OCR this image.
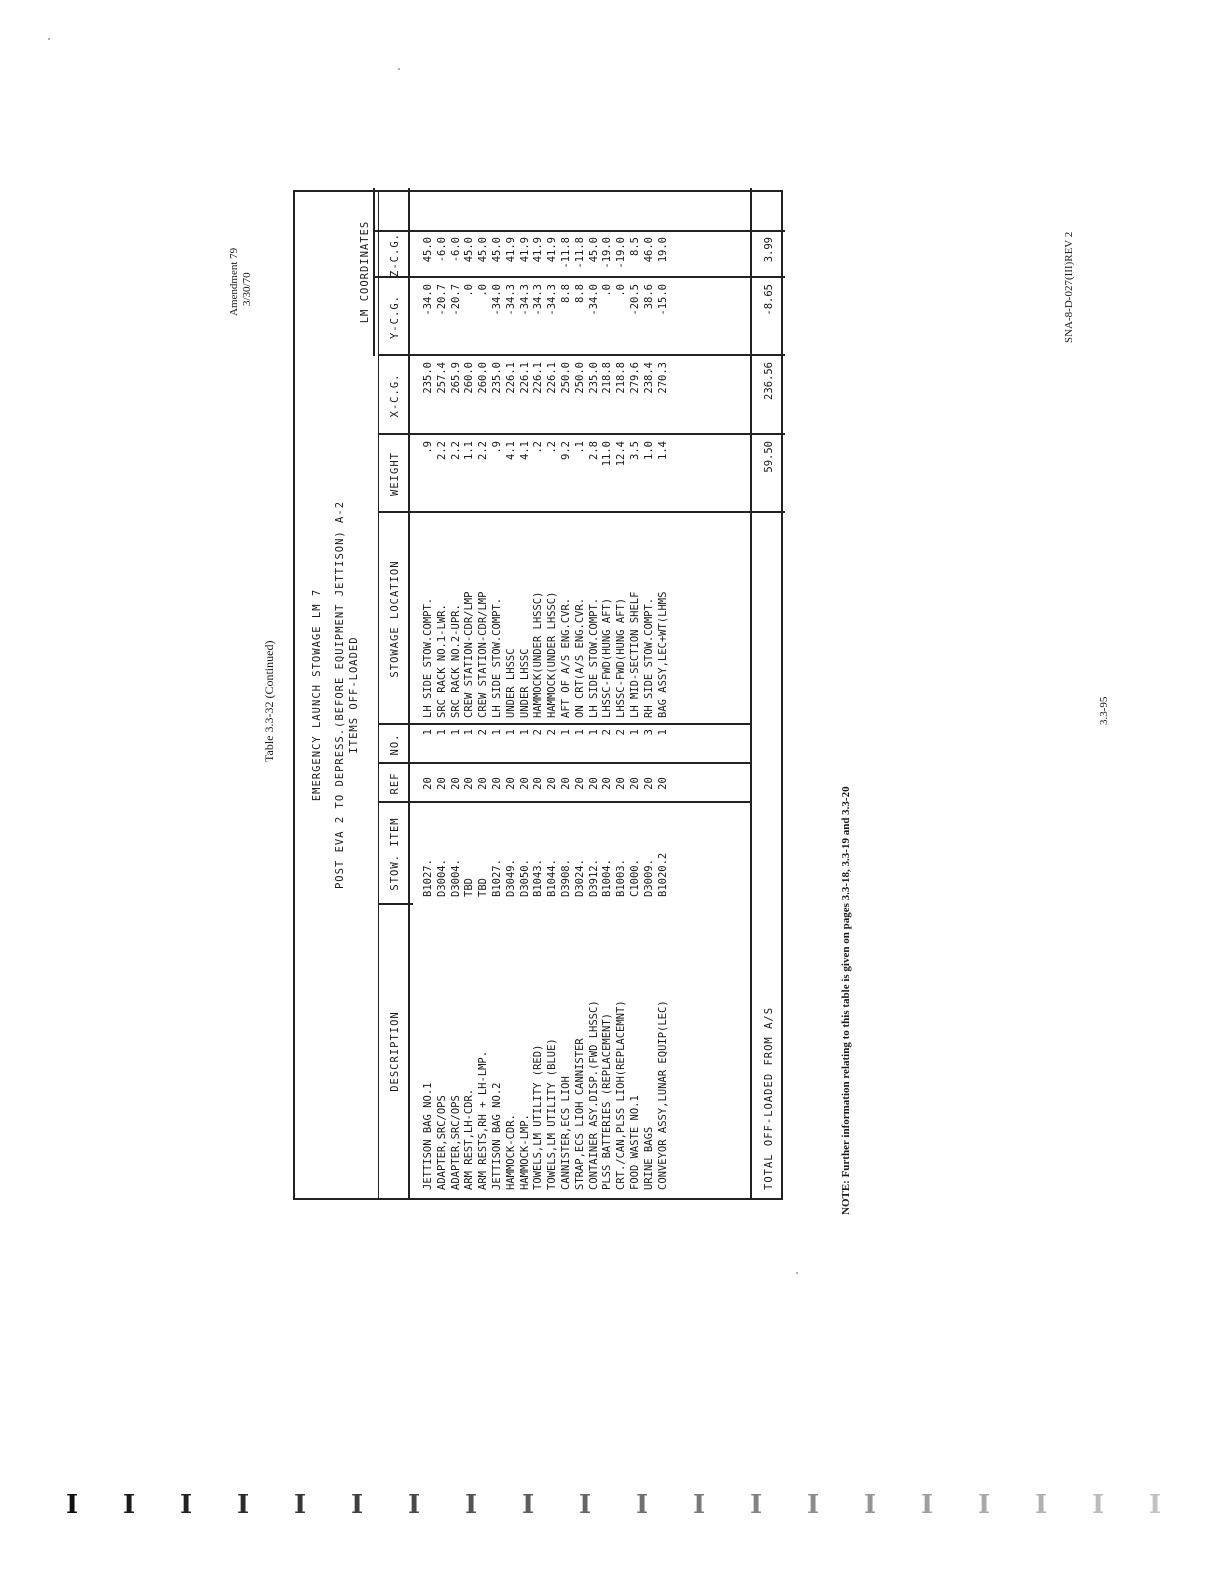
Amendment 79 3/30/70
Table 3.3-32 (Continued)	EMERGENCY LAUNCH STOWAGE LM 7 POST EVA 2 TO DEPRESS.(BEFORE EQUIPMENT JETTISON) A-2 ITEMS OFF-LOADED
LM COORDINATES
DESCRIPTION
STOW. ITEM
REF
NO.
STOWAGE LOCATION
WEIGHT
X-C.G.
Y-C.G.
Z-C.G.
JETTISON BAG NO.1
B1027.
20
1
LH SIDE STOW.COMPT.
.9
235.0
-34.0
45.0
ADAPTER,SRC/OPS
D3004.
20
1
SRC RACK NO.1-LWR.
2.2
257.4
-20.7
-6.0
ADAPTER,SRC/OPS
D3004.
20
1
SRC RACK NO.2-UPR.
2.2
265.9
-20.7
-6.0
ARM REST,LH-CDR.
TBD
20
1
CREW STATION-CDR/LMP
1.1
260.0
.0
45.0
ARM RESTS,RH + LH-LMP.
TBD
20
2
CREW STATION-CDR/LMP
2.2
260.0
.0
45.0
JETTISON BAG NO.2
B1027.
20
1
LH SIDE STOW.COMPT.
.9
235.0
-34.0
45.0
HAMMOCK-CDR.
D3049.
20
1
UNDER LHSSC
4.1
226.1
-34.3
41.9
HAMMOCK-LMP.
D3050.
20
1
UNDER LHSSC
4.1
226.1
-34.3
41.9
TOWELS,LM UTILITY (RED)
B1043.
20
2
HAMMOCK(UNDER LHSSC)
.2
226.1
-34.3
41.9
TOWELS,LM UTILITY (BLUE)
B1044.
20
2
HAMMOCK(UNDER LHSSC)
.2
226.1
-34.3
41.9
CANNISTER,ECS LIOH
D3908.
20
1
AFT OF A/S ENG.CVR.
9.2
250.0
8.8
-11.8
STRAP,ECS LIOH CANNISTER
D3024.
20
1
ON CRT(A/S ENG.CVR.
.1
250.0
8.8
-11.8
CONTAINER ASY.DISP.(FWD LHSSC)
D3912.
20
1
LH SIDE STOW.COMPT.
2.8
235.0
-34.0
45.0
PLSS BATTERIES (REPLACEMENT)
B1004.
20
2
LHSSC-FWD(HUNG AFT)
11.0
218.8
.0
-19.0
CRT./CAN,PLSS LIOH(REPLACEMNT)
B1003.
20
2
LHSSC-FWD(HUNG AFT)
12.4
218.8
.0
-19.0
FOOD WASTE NO.1
C1000.
20
1
LH MID-SECTION SHELF
3.5
279.6
-20.5
8.5
URINE BAGS
D3009.
20
3
RH SIDE STOW.COMPT.
1.0
238.4
38.6
46.0
CONVEYOR ASSY,LUNAR EQUIP(LEC)
B1020.2
20
1
BAG ASSY,LEC+WT(LHMS
1.4
270.3
-15.0
19.0
TOTAL OFF-LOADED FROM A/S
59.50
236.56
-8.65
3.99
NOTE: Further information relating to this table is given on pages 3.3-18, 3.3-19 and 3.3-20
3.3-95
SNA-8-D-027(III)REV 2
I I I I I I I I I I I I I I I I I I I I
